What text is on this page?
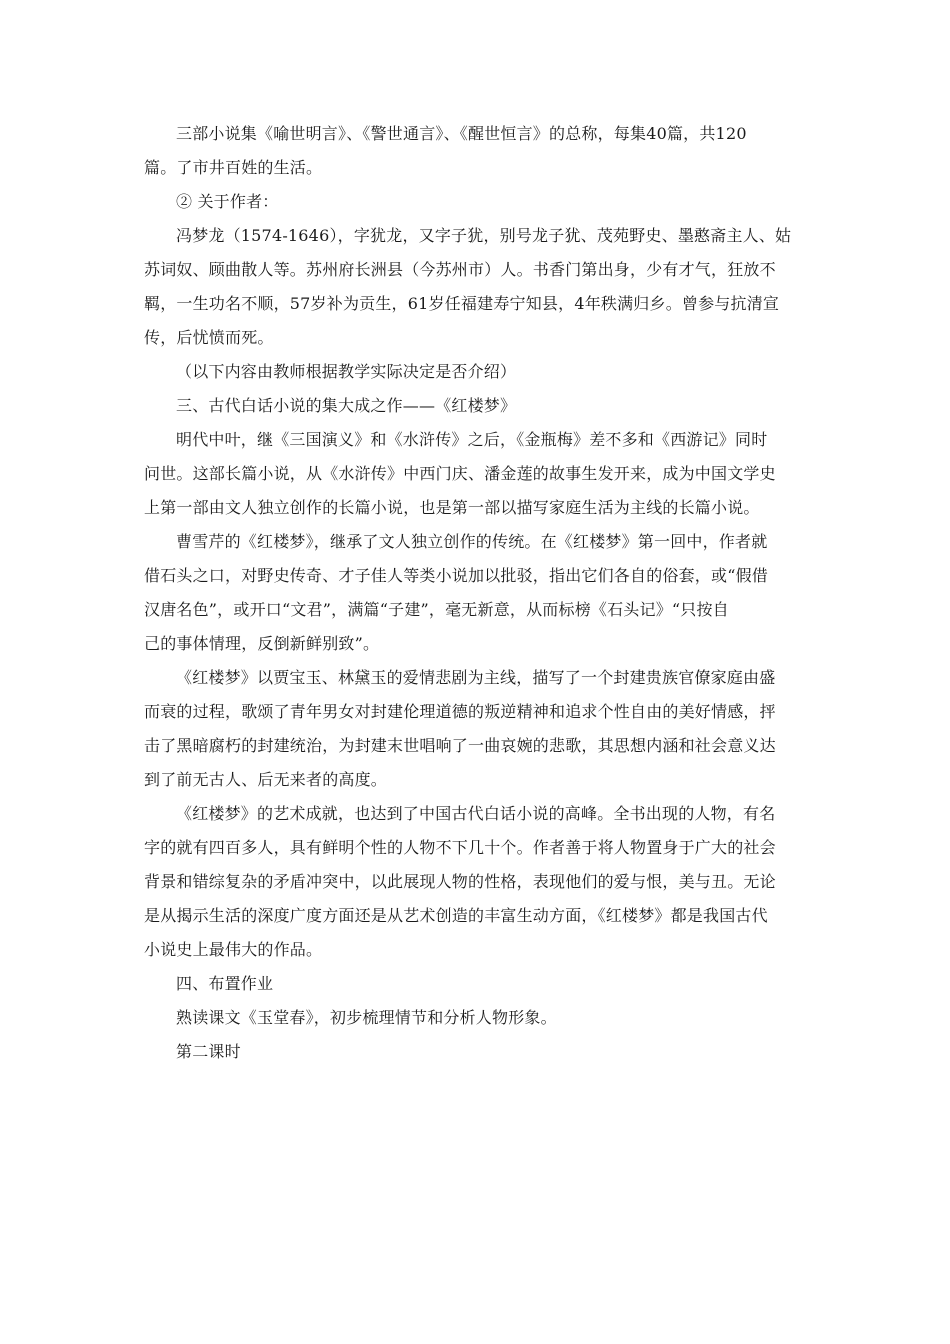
三部小说集《喻世明言》、《警世通言》、《醒世恒言》的总称，每集40篇，共120
篇。了市井百姓的生活。
② 关于作者：
冯梦龙（1574-1646），字犹龙，又字子犹，别号龙子犹、茂苑野史、墨憨斋主人、姑
苏词奴、顾曲散人等。苏州府长洲县（今苏州市）人。书香门第出身，少有才气，狂放不
羁，一生功名不顺，57岁补为贡生，61岁任福建寿宁知县，4年秩满归乡。曾参与抗清宣
传，后忧愤而死。
（以下内容由教师根据教学实际决定是否介绍）
三、古代白话小说的集大成之作——《红楼梦》
明代中叶，继《三国演义》和《水浒传》之后，《金瓶梅》差不多和《西游记》同时
问世。这部长篇小说，从《水浒传》中西门庆、潘金莲的故事生发开来，成为中国文学史
上第一部由文人独立创作的长篇小说，也是第一部以描写家庭生活为主线的长篇小说。
曹雪芹的《红楼梦》，继承了文人独立创作的传统。在《红楼梦》第一回中，作者就
借石头之口，对野史传奇、才子佳人等类小说加以批驳，指出它们各自的俗套，或“假借
汉唐名色”，或开口“文君”，满篇“子建”，毫无新意，从而标榜《石头记》“只按自
己的事体情理，反倒新鲜别致”。
《红楼梦》以贾宝玉、林黛玉的爱情悲剧为主线，描写了一个封建贵族官僚家庭由盛
而衰的过程，歌颂了青年男女对封建伦理道德的叛逆精神和追求个性自由的美好情感，抨
击了黑暗腐朽的封建统治，为封建末世唱响了一曲哀婉的悲歌，其思想内涵和社会意义达
到了前无古人、后无来者的高度。
《红楼梦》的艺术成就，也达到了中国古代白话小说的高峰。全书出现的人物，有名
字的就有四百多人，具有鲜明个性的人物不下几十个。作者善于将人物置身于广大的社会
背景和错综复杂的矛盾冲突中，以此展现人物的性格，表现他们的爱与恨，美与丑。无论
是从揭示生活的深度广度方面还是从艺术创造的丰富生动方面，《红楼梦》都是我国古代
小说史上最伟大的作品。
四、布置作业
熟读课文《玉堂春》，初步梳理情节和分析人物形象。
第二课时
